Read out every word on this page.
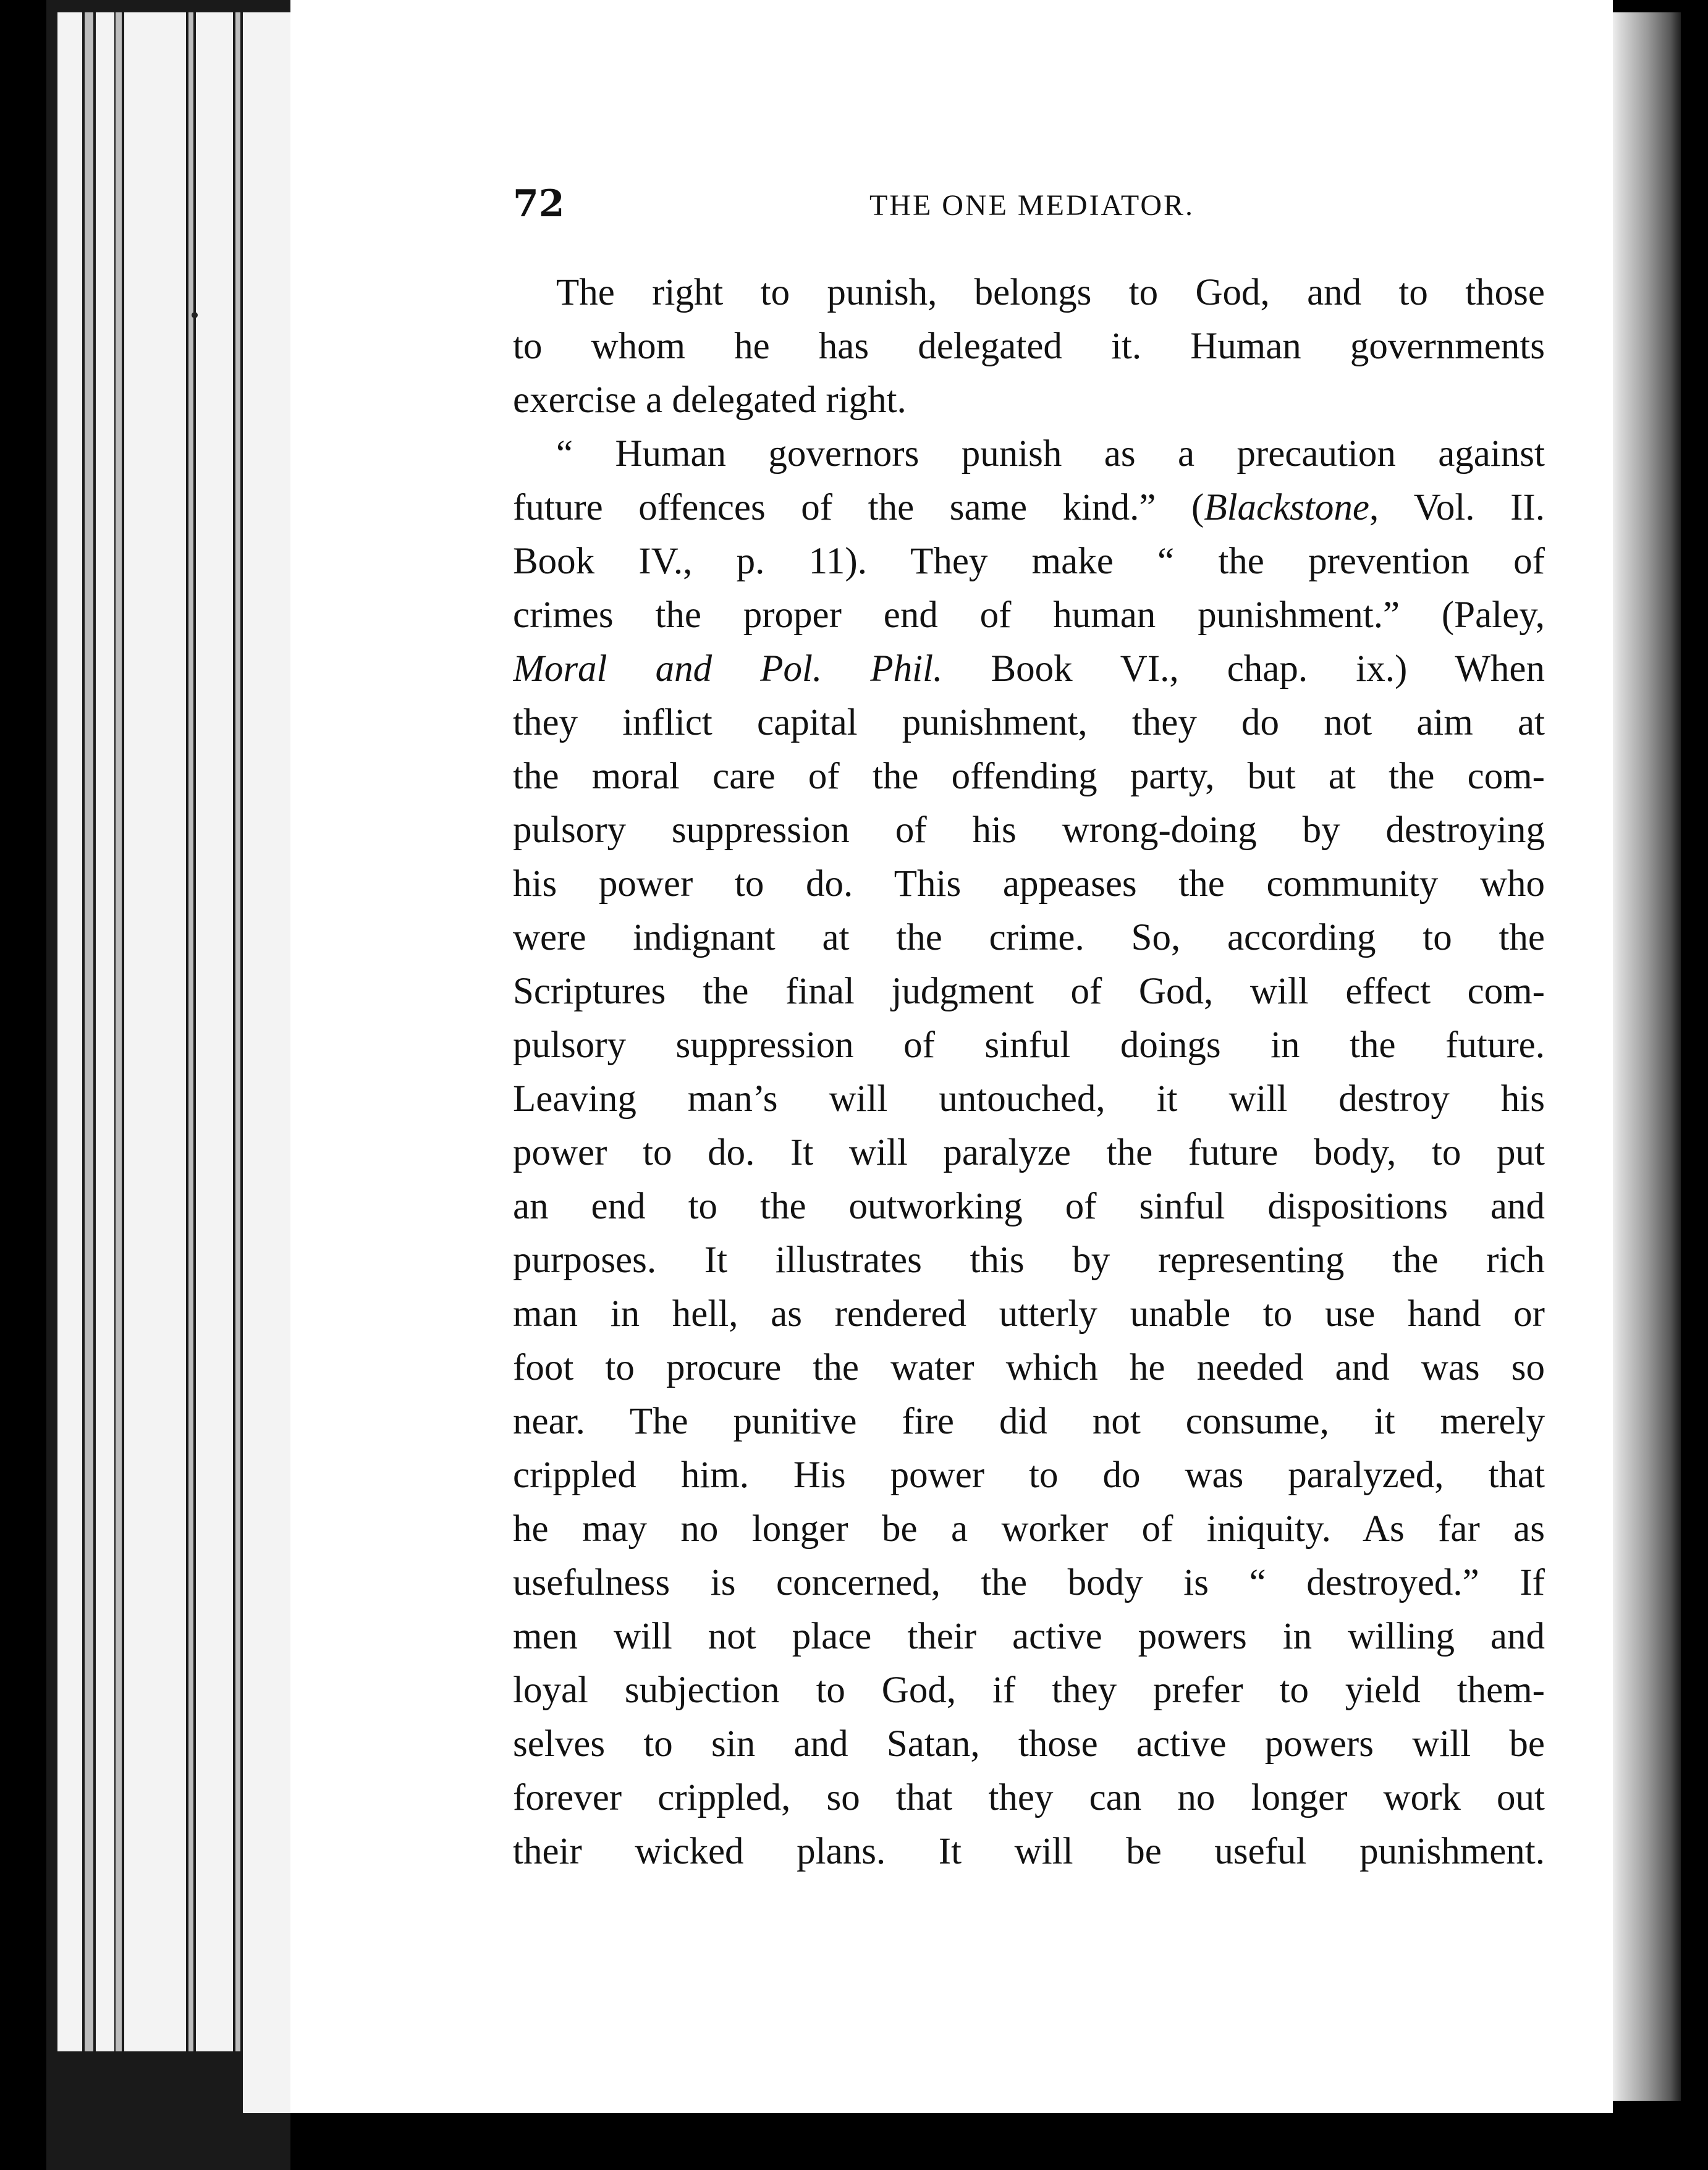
72	THE ONE MEDIATOR.
The right to punish, belongs to God, and to those
to whom he has delegated it. Human governments
exercise a delegated right.
“ Human governors punish as a precaution against
future offences of the same kind.” (Blackstone, Vol. II.
Book IV., p. 11). They make “ the prevention of
crimes the proper end of human punishment.” (Paley,
Moral and Pol. Phil. Book VI., chap. ix.) When
they inflict capital punishment, they do not aim at
the moral care of the offending party, but at the com-
pulsory suppression of his wrong-doing by destroying
his power to do. This appeases the community who
were indignant at the crime. So, according to the
Scriptures the final judgment of God, will effect com-
pulsory suppression of sinful doings in the future.
Leaving man’s will untouched, it will destroy his
power to do. It will paralyze the future body, to put
an end to the outworking of sinful dispositions and
purposes. It illustrates this by representing the rich
man in hell, as rendered utterly unable to use hand or
foot to procure the water which he needed and was so
near. The punitive fire did not consume, it merely
crippled him. His power to do was paralyzed, that
he may no longer be a worker of iniquity. As far as
usefulness is concerned, the body is “ destroyed.” If
men will not place their active powers in willing and
loyal subjection to God, if they prefer to yield them-
selves to sin and Satan, those active powers will be
forever crippled, so that they can no longer work out
their wicked plans. It will be useful punishment.
